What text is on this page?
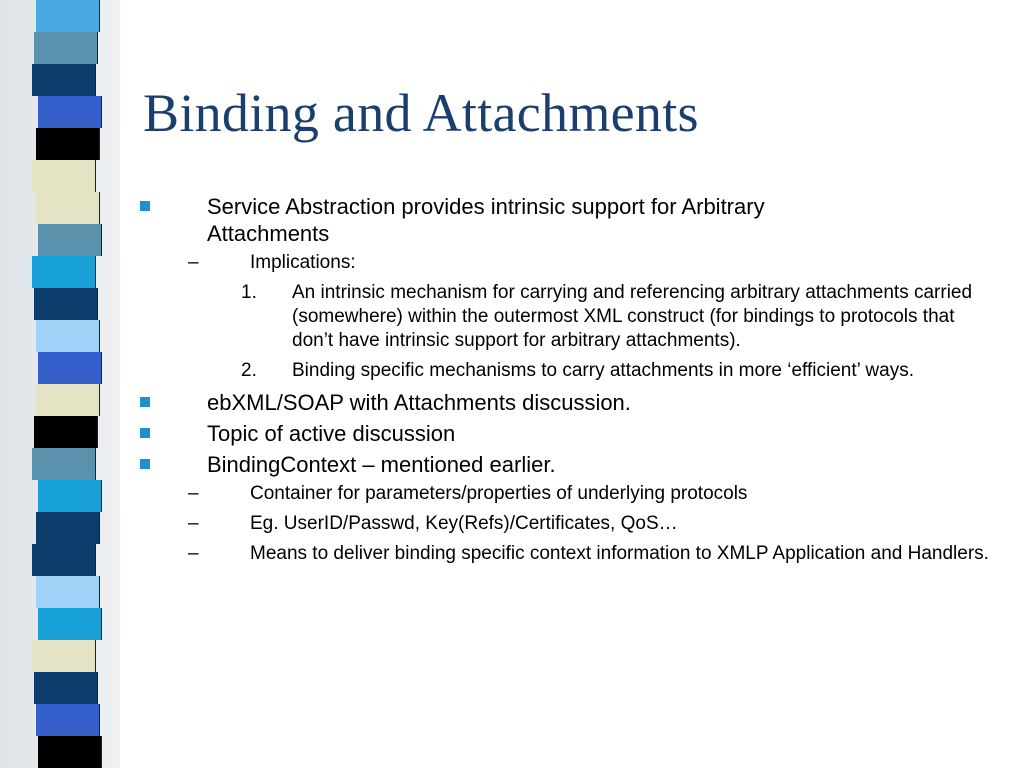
Binding and Attachments
Service Abstraction provides intrinsic support for Arbitrary Attachments
–	Implications:
1. An intrinsic mechanism for carrying and referencing arbitrary attachments carried (somewhere) within the outermost XML construct (for bindings to protocols that don’t have intrinsic support for arbitrary attachments).
2. Binding specific mechanisms to carry attachments in more ‘efficient’ ways.
ebXML/SOAP with Attachments discussion.
Topic of active discussion
BindingContext – mentioned earlier.
–	Container for parameters/properties of underlying protocols
–	Eg. UserID/Passwd, Key(Refs)/Certificates, QoS…
–	Means to deliver binding specific context information to XMLP Application and Handlers.
